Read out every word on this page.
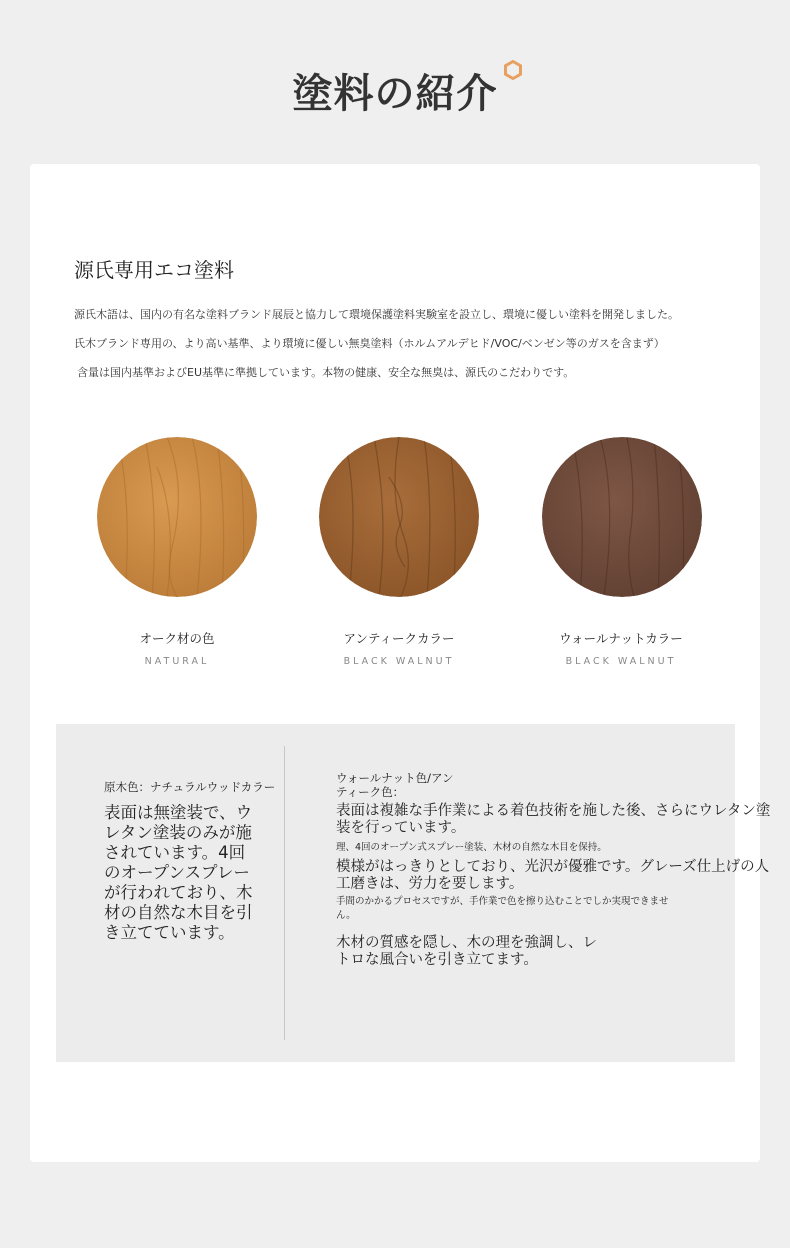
塗料の紹介
源氏専用エコ塗料

源氏木語は、国内の有名な塗料ブランド展辰と協力して環境保護塗料実験室を設立し、環境に優しい塗料を開発しました。

氏木ブランド専用の、より高い基準、より環境に優しい無臭塗料（ホルムアルデヒド/VOC/ベンゼン等のガスを含まず）

含量は国内基準およびEU基準に準拠しています。本物の健康、安全な無臭は、源氏のこだわりです。

オーク材の色
NATURAL
アンティークカラー
BLACK WALNUT
ウォールナットカラー
BLACK WALNUT
原木色：ナチュラルウッドカラー
表面は無塗装で、ウレタン塗装のみが施されています。4回のオープンスプレーが行われており、木材の自然な木目を引き立てています。
ウォールナット色/アンティーク色：
表面は複雑な手作業による着色技術を施した後、さらにウレタン塗装を行っています。
理、4回のオープン式スプレー塗装、木材の自然な木目を保持。
模様がはっきりとしており、光沢が優雅です。グレーズ仕上げの人工磨きは、労力を要します。
手間のかかるプロセスですが、手作業で色を擦り込むことでしか実現できません。
木材の質感を隠し、木の理を強調し、レトロな風合いを引き立てます。
